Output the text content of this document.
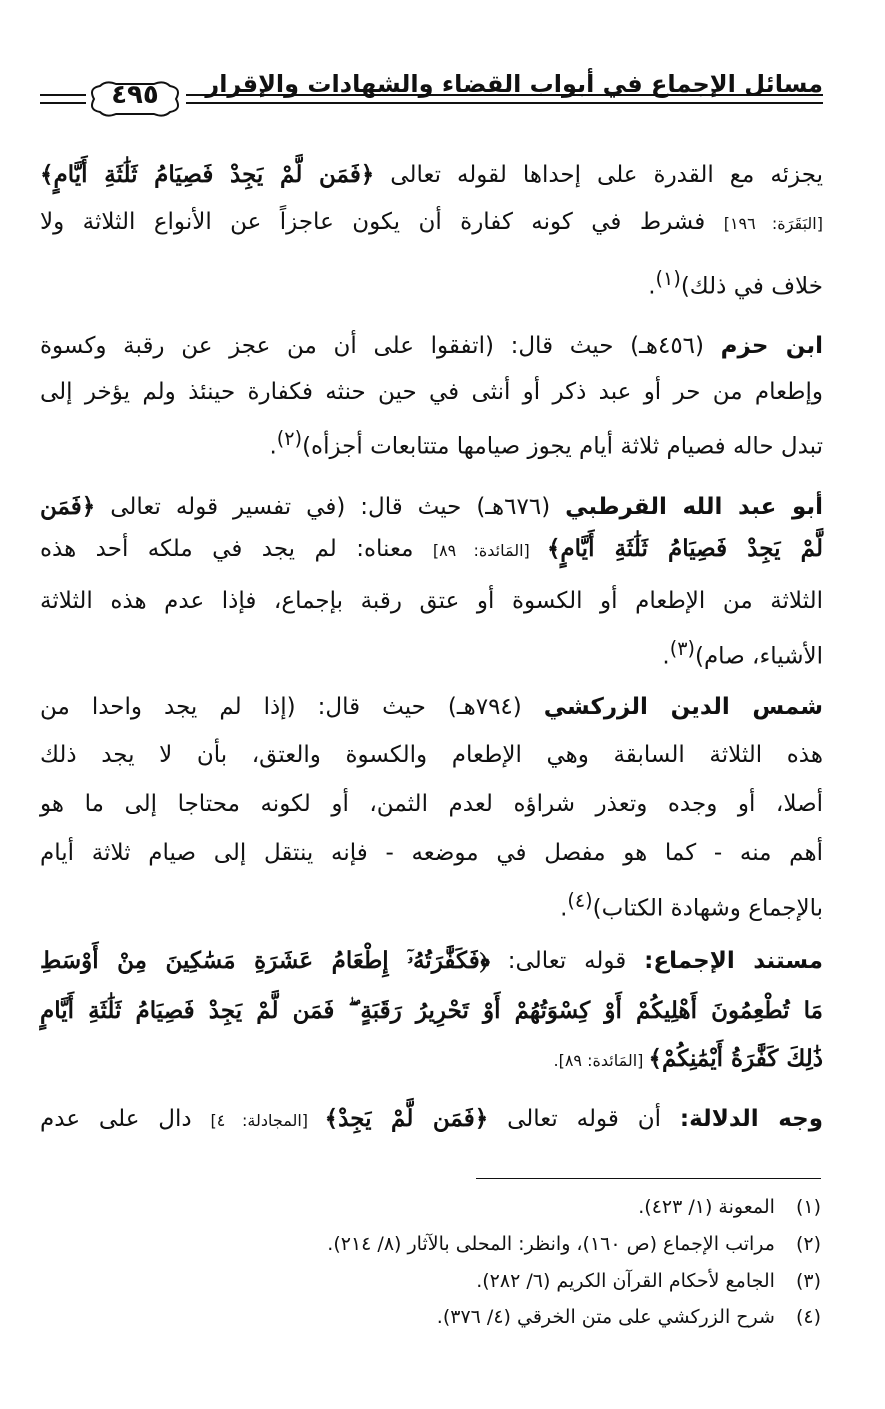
مسائل الإجماع في أبواب القضاء والشهادات والإقرار
٤٩٥
يجزئه مع القدرة على إحداها لقوله تعالى ﴿فَمَن لَّمْ يَجِدْ فَصِيَامُ ثَلَٰثَةِ أَيَّامٍ﴾
[البَقَرَة: ١٩٦] فشرط في كونه كفارة أن يكون عاجزاً عن الأنواع الثلاثة ولا
خلاف في ذلك)$^{(١)}$.
ابن حزم (٤٥٦هـ) حيث قال: (اتفقوا على أن من عجز عن رقبة وكسوة
وإطعام من حر أو عبد ذكر أو أنثى في حين حنثه فكفارة حينئذ ولم يؤخر إلى
تبدل حاله فصيام ثلاثة أيام يجوز صيامها متتابعات أجزأه)$^{(٢)}$.
أبو عبد الله القرطبي (٦٧٦هـ) حيث قال: (في تفسير قوله تعالى ﴿فَمَن
لَّمْ يَجِدْ فَصِيَامُ ثَلَٰثَةِ أَيَّامٍ﴾ [المَائدة: ٨٩] معناه: لم يجد في ملكه أحد هذه
الثلاثة من الإطعام أو الكسوة أو عتق رقبة بإجماع، فإذا عدم هذه الثلاثة
الأشياء، صام)$^{(٣)}$.
شمس الدين الزركشي (٧٩٤هـ) حيث قال: (إذا لم يجد واحدا من
هذه الثلاثة السابقة وهي الإطعام والكسوة والعتق، بأن لا يجد ذلك
أصلا، أو وجده وتعذر شراؤه لعدم الثمن، أو لكونه محتاجا إلى ما هو
أهم منه - كما هو مفصل في موضعه - فإنه ينتقل إلى صيام ثلاثة أيام
بالإجماع وشهادة الكتاب)$^{(٤)}$.
مستند الإجماع: قوله تعالى: ﴿فَكَفَّٰرَتُهُۥٓ إِطْعَامُ عَشَرَةِ مَسَٰكِينَ مِنْ أَوْسَطِ
مَا تُطْعِمُونَ أَهْلِيكُمْ أَوْ كِسْوَتُهُمْ أَوْ تَحْرِيرُ رَقَبَةٍ ۖ فَمَن لَّمْ يَجِدْ فَصِيَامُ ثَلَٰثَةِ أَيَّامٍ
ذَٰلِكَ كَفَّٰرَةُ أَيْمَٰنِكُمْ﴾ [المَائدة: ٨٩].
وجه الدلالة: أن قوله تعالى ﴿فَمَن لَّمْ يَجِدْ﴾ [المجادلة: ٤] دال على عدم
(١) المعونة (١/ ٤٢٣).
(٢) مراتب الإجماع (ص ١٦٠)، وانظر: المحلى بالآثار (٨/ ٢١٤).
(٣) الجامع لأحكام القرآن الكريم (٦/ ٢٨٢).
(٤) شرح الزركشي على متن الخرقي (٤/ ٣٧٦).
